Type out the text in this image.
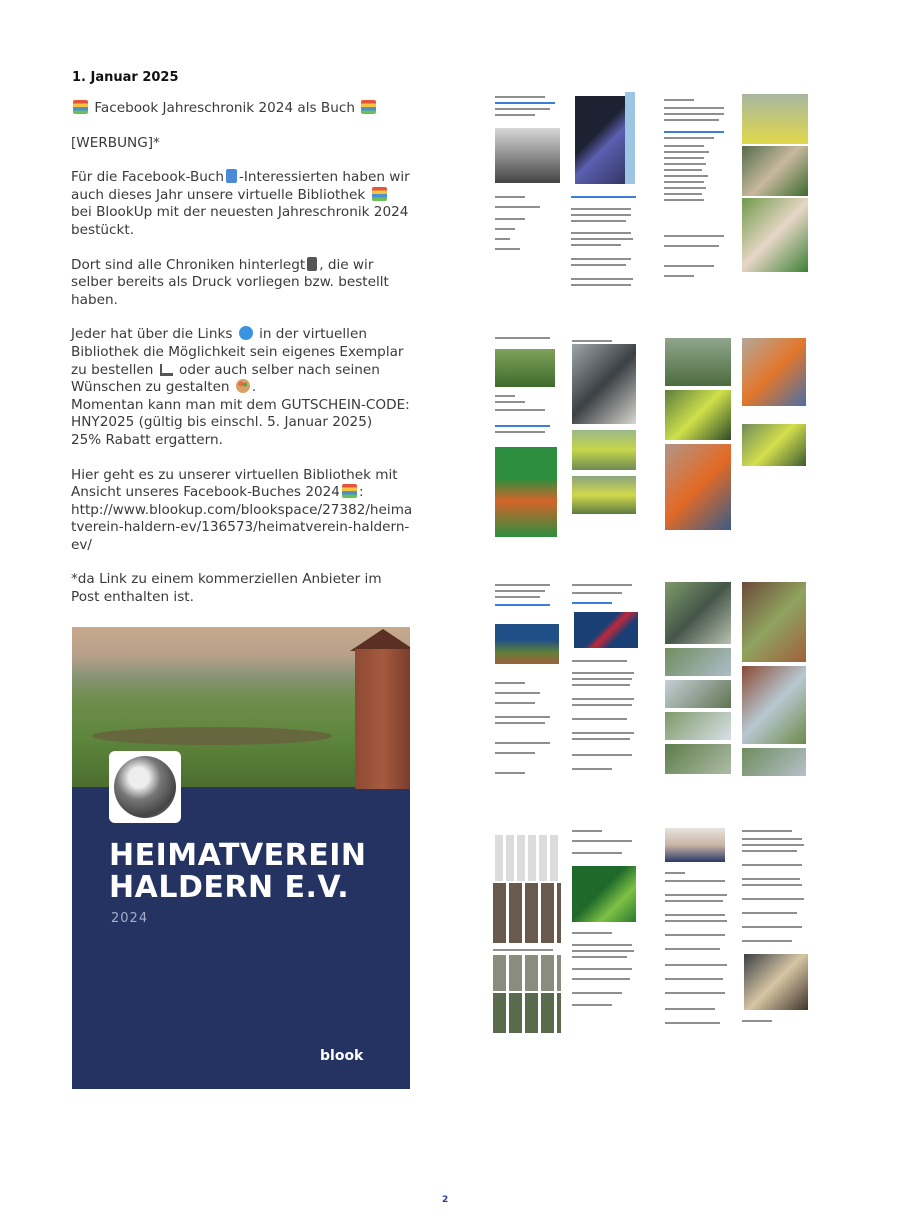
1. Januar 2025

Facebook Jahreschronik 2024 als Buch

[WERBUNG]*

Für die Facebook-Buch -Interessierten haben wir auch dieses Jahr unsere virtuelle Bibliothek  bei BlookUp mit der neuesten Jahreschronik 2024 bestückt.

Dort sind alle Chroniken hinterlegt , die wir selber bereits als Druck vorliegen bzw. bestellt haben.

Jeder hat über die Links in der virtuellen Bibliothek die Möglichkeit sein eigenes Exemplar zu bestellen oder auch selber nach seinen Wünschen zu gestalten .
Momentan kann man mit dem GUTSCHEIN-CODE: HNY2025 (gültig bis einschl. 5. Januar 2025)
25% Rabatt ergattern.

Hier geht es zu unserer virtuellen Bibliothek mit Ansicht unseres Facebook-Buches 2024 :
http://www.blookup.com/blookspace/27382/heimatverein-haldern-ev/136573/heimatverein-haldern-ev/

*da Link zu einem kommerziellen Anbieter im Post enthalten ist.

HEIMATVEREIN HALDERN E.V.
2024
blook
2
